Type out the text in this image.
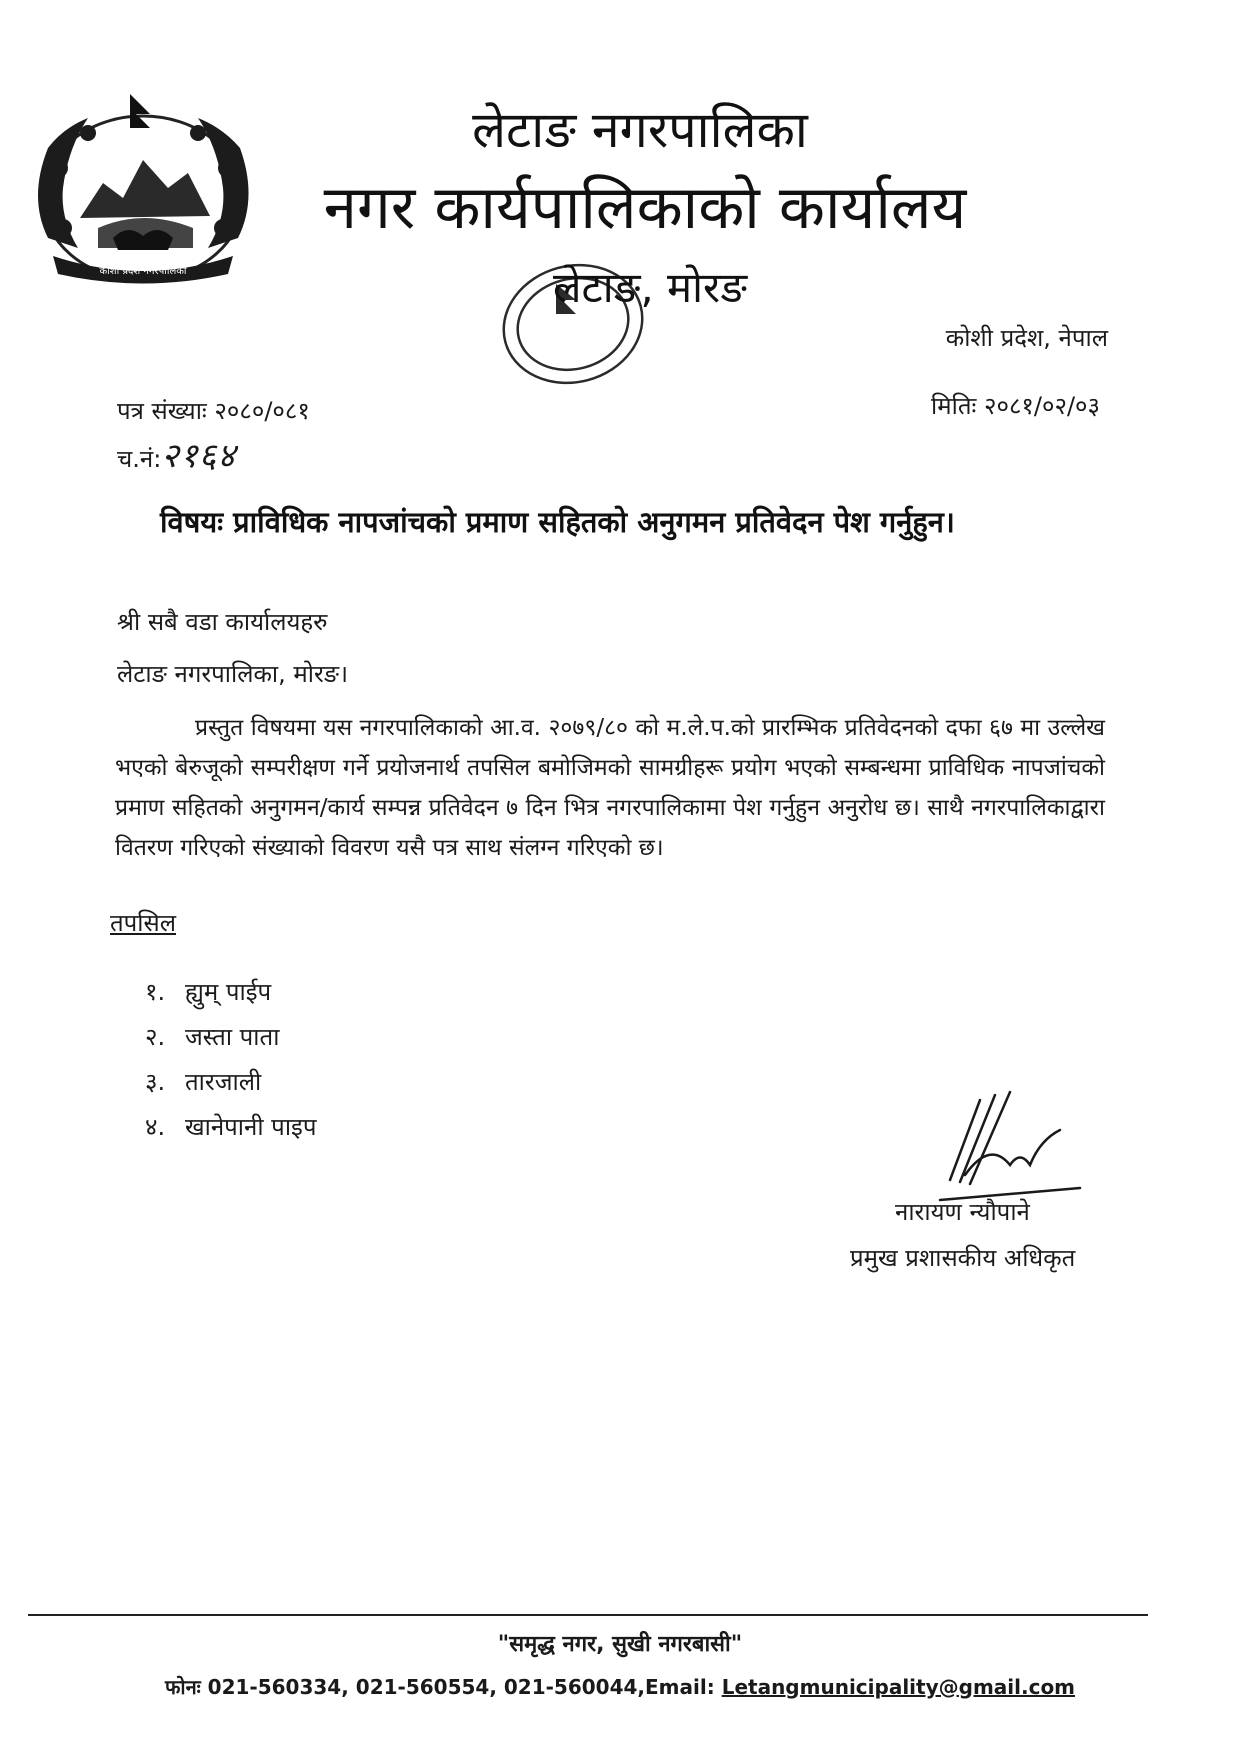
कोशी प्रदेश नगरपालिका
लेटाङ नगरपालिका
नगर कार्यपालिकाको कार्यालय
लेटाङ, मोरङ
कोशी प्रदेश, नेपाल
पत्र संख्याः २०८०/०८१	मितिः २०८१/०२/०३
च.नं:२१६४
विषयः प्राविधिक नापजांचको प्रमाण सहितको अनुगमन प्रतिवेदन पेश गर्नुहुन।
श्री सबै वडा कार्यालयहरु
लेटाङ नगरपालिका, मोरङ।

प्रस्तुत विषयमा यस नगरपालिकाको आ.व. २०७९/८० को म.ले.प.को प्रारम्भिक प्रतिवेदनको दफा ६७ मा उल्लेख भएको बेरुजूको सम्परीक्षण गर्ने प्रयोजनार्थ तपसिल बमोजिमको सामग्रीहरू प्रयोग भएको सम्बन्धमा प्राविधिक नापजांचको प्रमाण सहितको अनुगमन/कार्य सम्पन्न प्रतिवेदन ७ दिन भित्र नगरपालिकामा पेश गर्नुहुन अनुरोध छ। साथै नगरपालिकाद्वारा वितरण गरिएको संख्याको विवरण यसै पत्र साथ संलग्न गरिएको छ।

तपसिल
१. ह्युम् पाईप
२. जस्ता पाता
३. तारजाली
४. खानेपानी पाइप
नारायण न्यौपाने
प्रमुख प्रशासकीय अधिकृत
"समृद्ध नगर, सुखी नगरबासी"
फोनः 021-560334, 021-560554, 021-560044,Email: Letangmunicipality@gmail.com
